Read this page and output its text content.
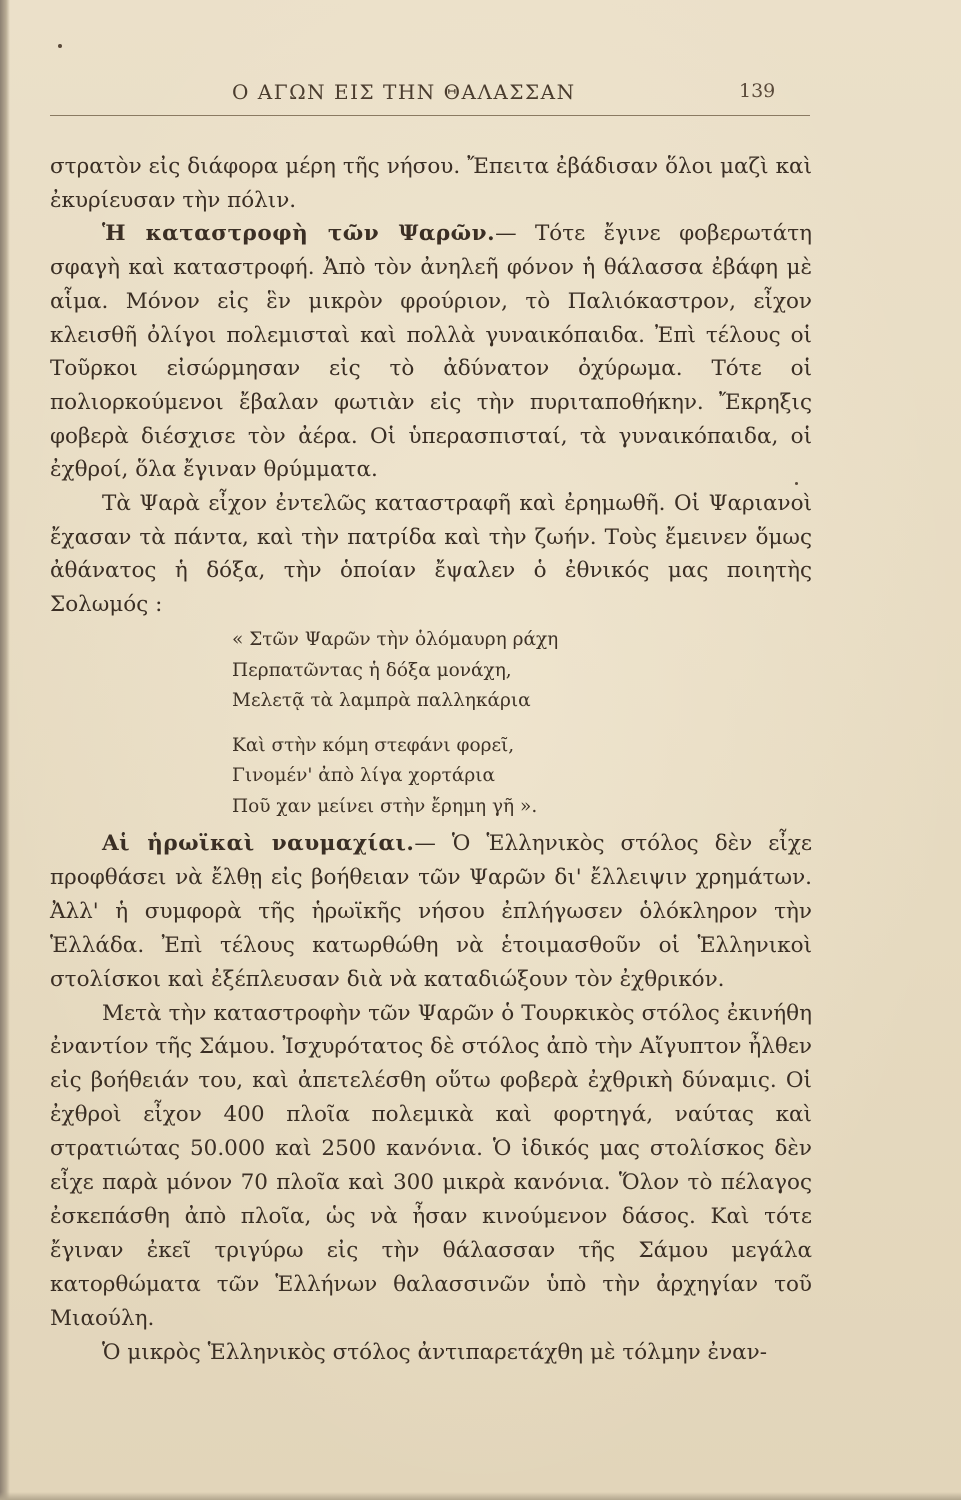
Ο ΑΓΩΝ ΕΙΣ ΤΗΝ ΘΑΛΑΣΣΑΝ	139

στρατὸν εἰς διάφορα μέρη τῆς νήσου. Ἔπειτα ἐβάδισαν ὅλοι μαζὶ καὶ ἐκυρίευσαν τὴν πόλιν.

Ἡ καταστροφὴ τῶν Ψαρῶν.— Τότε ἔγινε φοβερωτάτη σφαγὴ καὶ καταστροφή. Ἀπὸ τὸν ἀνηλεῆ φόνον ἡ θάλασσα ἐβάφη μὲ αἷμα. Μόνον εἰς ἓν μικρὸν φρούριον, τὸ Παλιόκαστρον, εἶχον κλεισθῆ ὀλίγοι πολεμισταὶ καὶ πολλὰ γυναικόπαιδα. Ἐπὶ τέλους οἱ Τοῦρκοι εἰσώρμησαν εἰς τὸ ἀδύνατον ὀχύρωμα. Τότε οἱ πολιορκούμενοι ἔβαλαν φωτιὰν εἰς τὴν πυριταποθήκην. Ἔκρηξις φοβερὰ διέσχισε τὸν ἀέρα. Οἱ ὑπερασπισταί, τὰ γυναικόπαιδα, οἱ ἐχθροί, ὅλα ἔγιναν θρύμματα.

Τὰ Ψαρὰ εἶχον ἐντελῶς καταστραφῆ καὶ ἐρημωθῆ. Οἱ Ψαριανοὶ ἔχασαν τὰ πάντα, καὶ τὴν πατρίδα καὶ τὴν ζωήν. Τοὺς ἔμεινεν ὅμως ἀθάνατος ἡ δόξα, τὴν ὁποίαν ἔψαλεν ὁ ἐθνικός μας ποιητὴς Σολωμός :

« Στῶν Ψαρῶν τὴν ὁλόμαυρη ράχη
Περπατῶντας ἡ δόξα μονάχη,
Μελετᾷ τὰ λαμπρὰ παλληκάρια
Καὶ στὴν κόμη στεφάνι φορεῖ,
Γινομέν' ἀπὸ λίγα χορτάρια
Ποῦ χαν μείνει στὴν ἔρημη γῆ ».

Αἱ ἡρωϊκαὶ ναυμαχίαι.— Ὁ Ἑλληνικὸς στόλος δὲν εἶχε προφθάσει νὰ ἔλθῃ εἰς βοήθειαν τῶν Ψαρῶν δι' ἔλλειψιν χρημάτων. Ἀλλ' ἡ συμφορὰ τῆς ἡρωϊκῆς νήσου ἐπλήγωσεν ὁλόκληρον τὴν Ἑλλάδα. Ἐπὶ τέλους κατωρθώθη νὰ ἑτοιμασθοῦν οἱ Ἑλληνικοὶ στολίσκοι καὶ ἐξέπλευσαν διὰ νὰ καταδιώξουν τὸν ἐχθρικόν.

Μετὰ τὴν καταστροφὴν τῶν Ψαρῶν ὁ Τουρκικὸς στόλος ἐκινήθη ἐναντίον τῆς Σάμου. Ἰσχυρότατος δὲ στόλος ἀπὸ τὴν Αἴγυπτον ἦλθεν εἰς βοήθειάν του, καὶ ἀπετελέσθη οὕτω φοβερὰ ἐχθρικὴ δύναμις. Οἱ ἐχθροὶ εἶχον 400 πλοῖα πολεμικὰ καὶ φορτηγά, ναύτας καὶ στρατιώτας 50.000 καὶ 2500 κανόνια. Ὁ ἰδικός μας στολίσκος δὲν εἶχε παρὰ μόνον 70 πλοῖα καὶ 300 μικρὰ κανόνια. Ὅλον τὸ πέλαγος ἐσκεπάσθη ἀπὸ πλοῖα, ὡς νὰ ἦσαν κινούμενον δάσος. Καὶ τότε ἔγιναν ἐκεῖ τριγύρω εἰς τὴν θάλασσαν τῆς Σάμου μεγάλα κατορθώματα τῶν Ἑλλήνων θαλασσινῶν ὑπὸ τὴν ἀρχηγίαν τοῦ Μιαούλη.

Ὁ μικρὸς Ἑλληνικὸς στόλος ἀντιπαρετάχθη μὲ τόλμην ἐναν-
